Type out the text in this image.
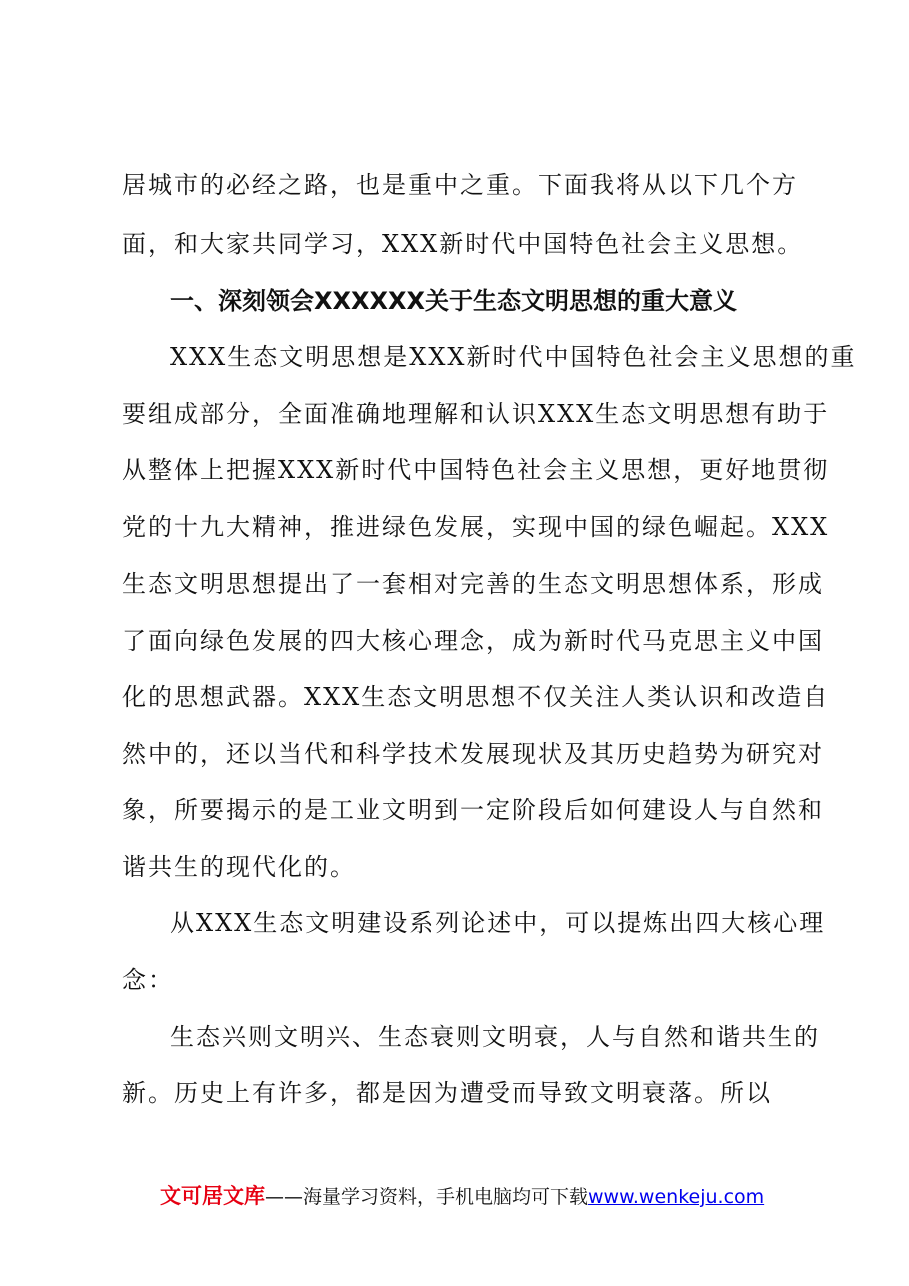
居城市的必经之路，也是重中之重。下面我将从以下几个方
面，和大家共同学习，XXX新时代中国特色社会主义思想。
一、深刻领会XXXXXX关于生态文明思想的重大意义
XXX生态文明思想是XXX新时代中国特色社会主义思想的重
要组成部分，全面准确地理解和认识XXX生态文明思想有助于
从整体上把握XXX新时代中国特色社会主义思想，更好地贯彻
党的十九大精神，推进绿色发展，实现中国的绿色崛起。XXX
生态文明思想提出了一套相对完善的生态文明思想体系，形成
了面向绿色发展的四大核心理念，成为新时代马克思主义中国
化的思想武器。XXX生态文明思想不仅关注人类认识和改造自
然中的，还以当代和科学技术发展现状及其历史趋势为研究对
象，所要揭示的是工业文明到一定阶段后如何建设人与自然和
谐共生的现代化的。
从XXX生态文明建设系列论述中，可以提炼出四大核心理
念：
生态兴则文明兴、生态衰则文明衰，人与自然和谐共生的
新。历史上有许多，都是因为遭受而导致文明衰落。所以
文可居文库——海量学习资料，手机电脑均可下载www.wenkeju.com
